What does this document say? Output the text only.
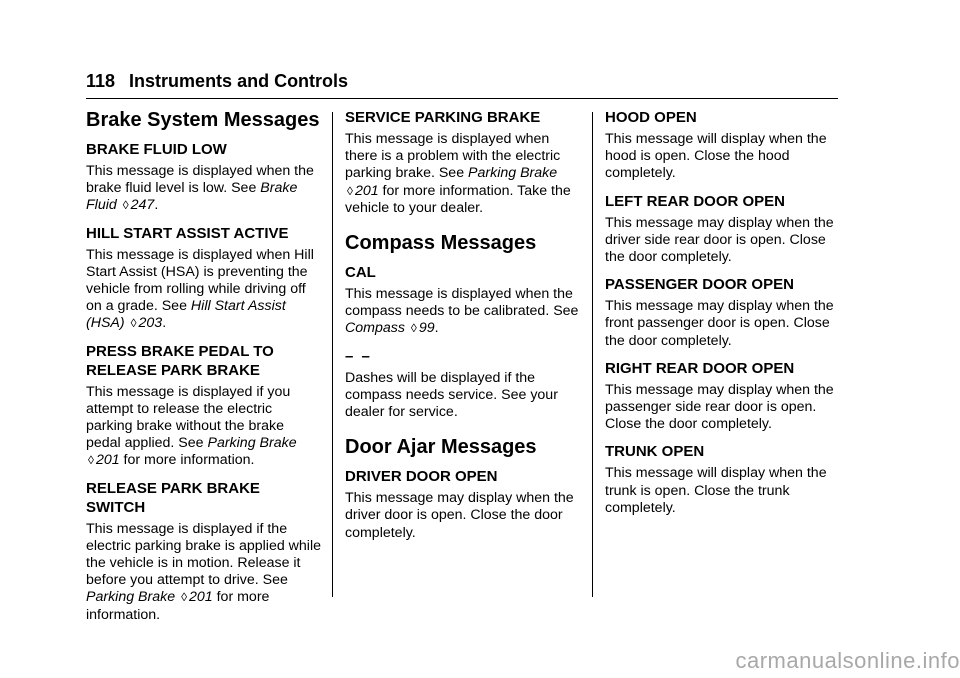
118 Instruments and Controls
Brake System Messages
BRAKE FLUID LOW

This message is displayed when the brake fluid level is low. See Brake Fluid ◊ 247.

HILL START ASSIST ACTIVE

This message is displayed when Hill Start Assist (HSA) is preventing the vehicle from rolling while driving off on a grade. See Hill Start Assist (HSA) ◊ 203.

PRESS BRAKE PEDAL TO RELEASE PARK BRAKE

This message is displayed if you attempt to release the electric parking brake without the brake pedal applied. See Parking Brake ◊ 201 for more information.

RELEASE PARK BRAKE SWITCH

This message is displayed if the electric parking brake is applied while the vehicle is in motion. Release it before you attempt to drive. See Parking Brake ◊ 201 for more information.

SERVICE PARKING BRAKE

This message is displayed when there is a problem with the electric parking brake. See Parking Brake ◊ 201 for more information. Take the vehicle to your dealer.

Compass Messages
CAL

This message is displayed when the compass needs to be calibrated. See Compass ◊ 99.

– –

Dashes will be displayed if the compass needs service. See your dealer for service.

Door Ajar Messages
DRIVER DOOR OPEN

This message may display when the driver door is open. Close the door completely.

HOOD OPEN

This message will display when the hood is open. Close the hood completely.

LEFT REAR DOOR OPEN

This message may display when the driver side rear door is open. Close the door completely.

PASSENGER DOOR OPEN

This message may display when the front passenger door is open. Close the door completely.

RIGHT REAR DOOR OPEN

This message may display when the passenger side rear door is open. Close the door completely.

TRUNK OPEN

This message will display when the trunk is open. Close the trunk completely.

carmanualsonline.info
